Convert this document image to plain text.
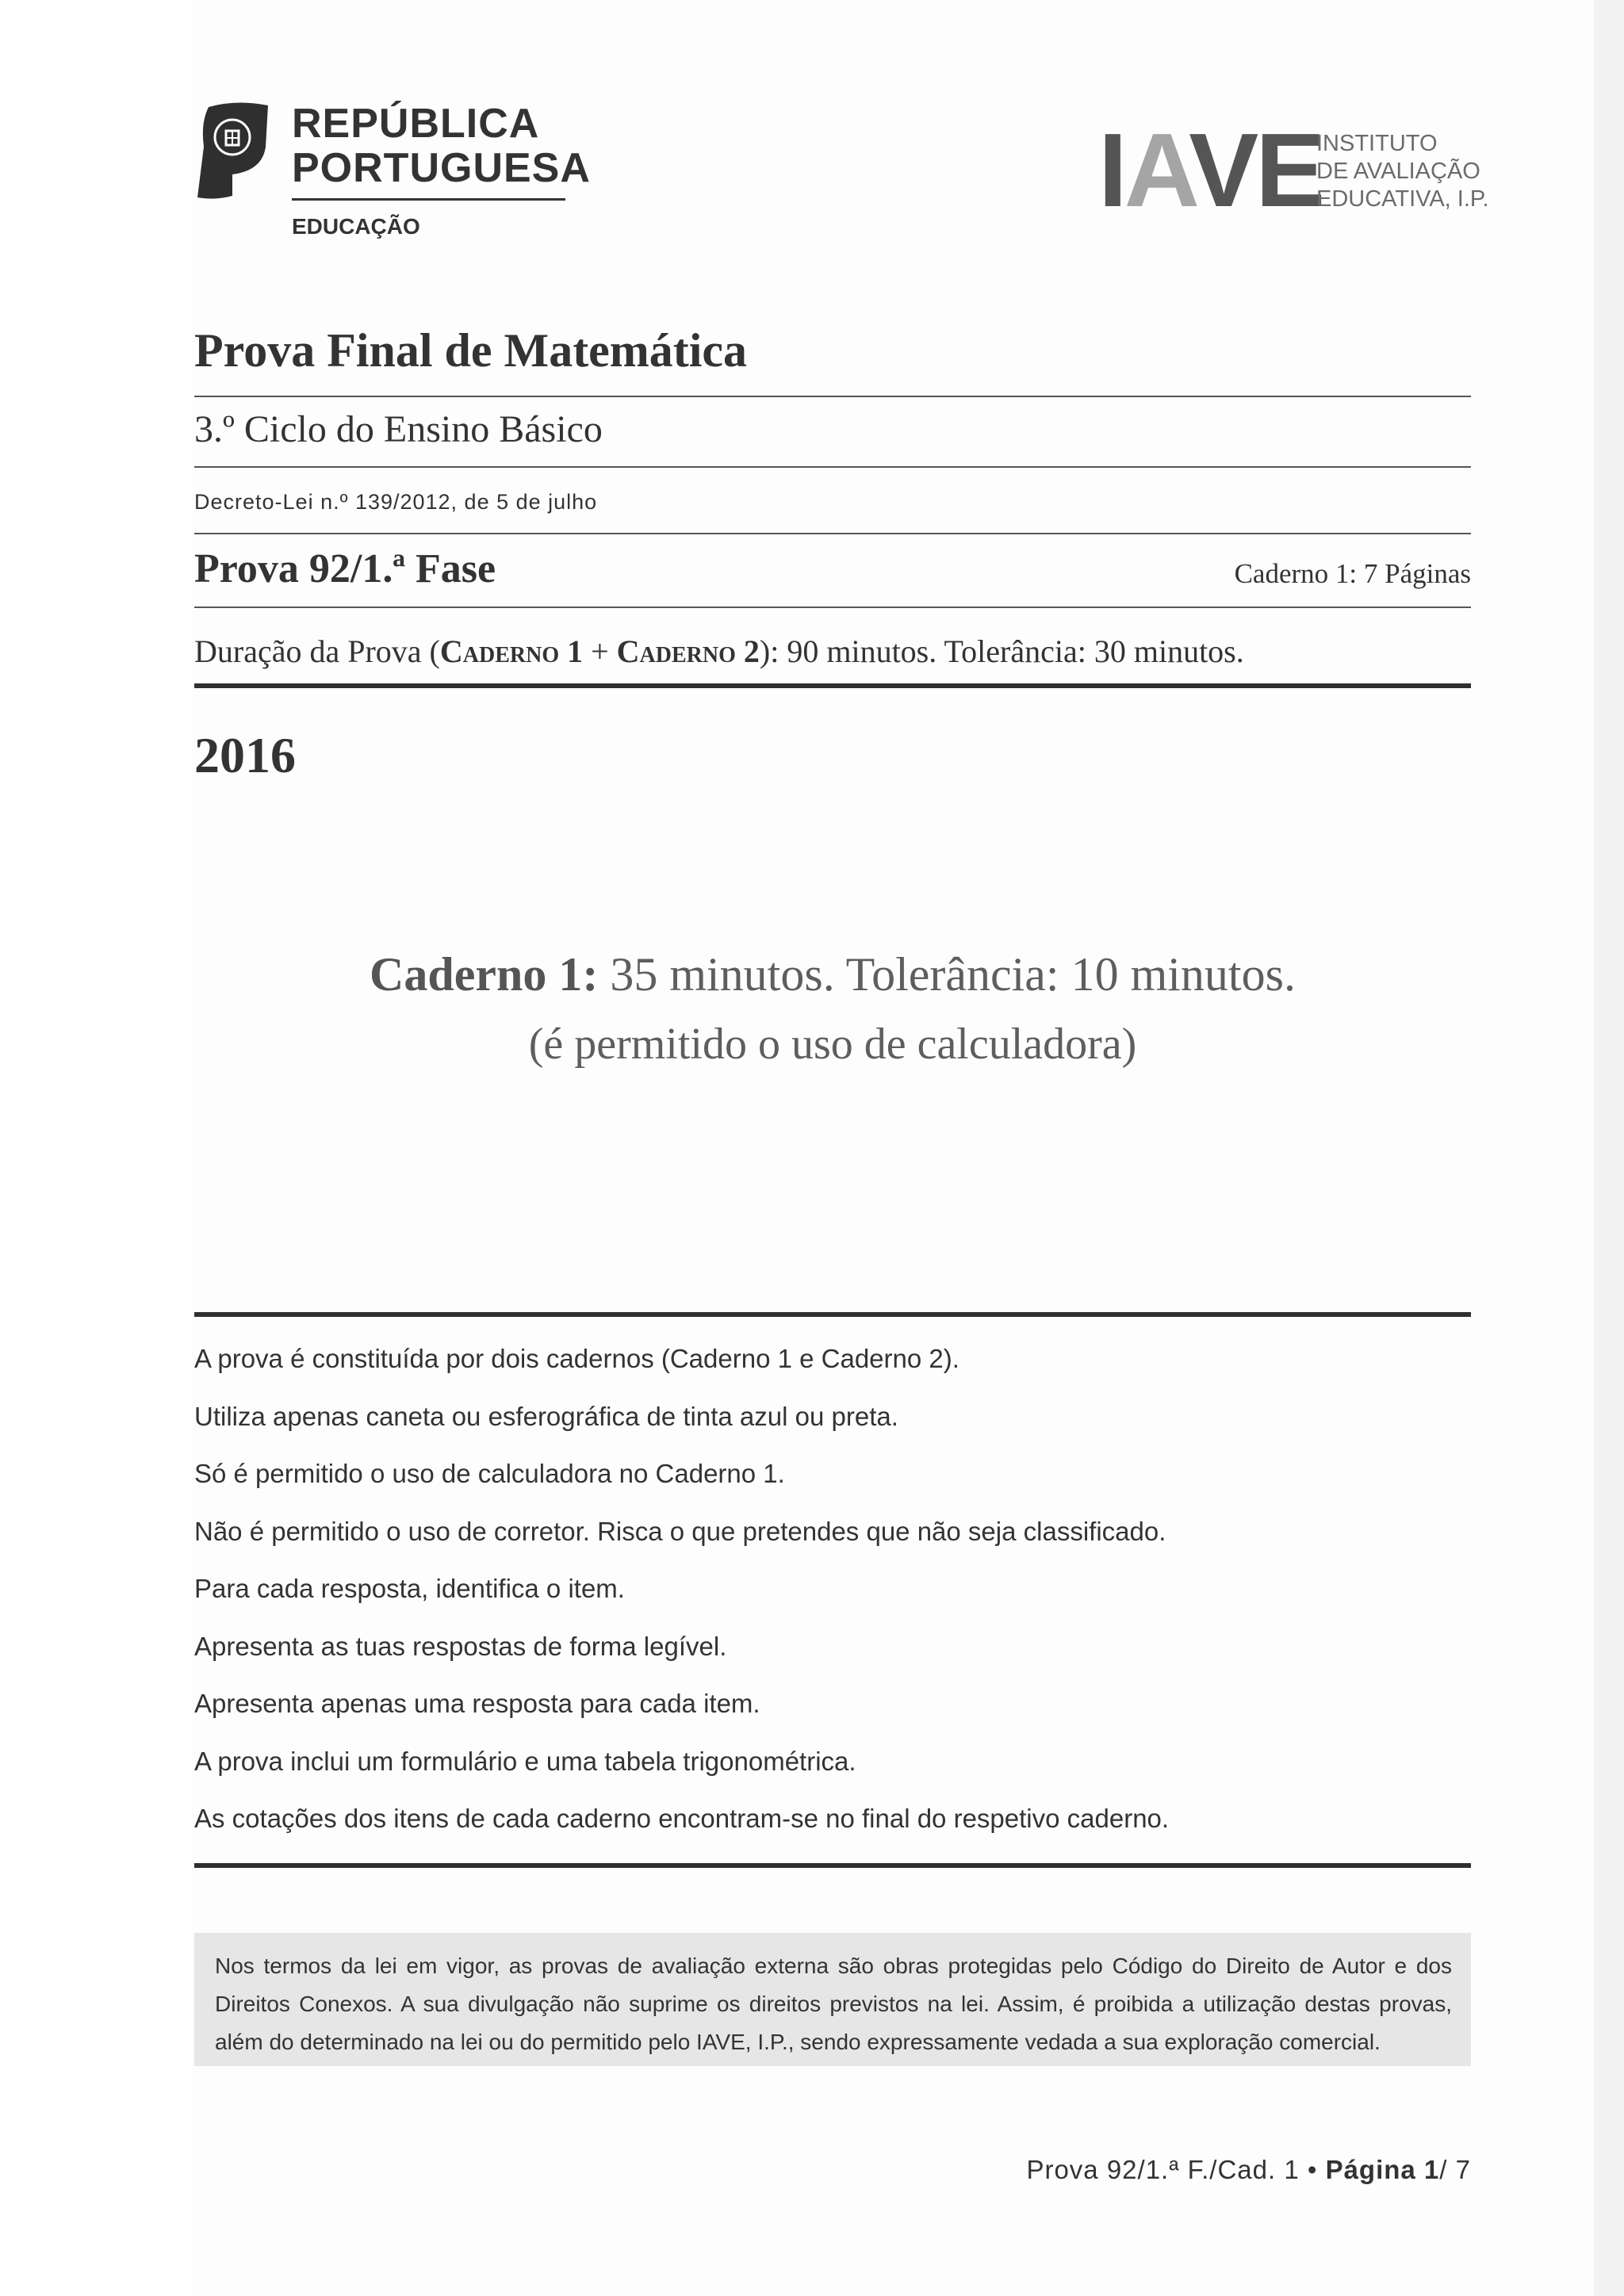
REPÚBLICA
PORTUGUESA
EDUCAÇÃO	IAVE
INSTITUTO
DE AVALIAÇÃO
EDUCATIVA, I.P.
Prova Final de Matemática
3.º Ciclo do Ensino Básico
Decreto-Lei n.º 139/2012, de 5 de julho
Prova 92/1.ª Fase	Caderno 1: 7 Páginas
Duração da Prova (Caderno 1 + Caderno 2): 90 minutos. Tolerância: 30 minutos.
2016
Caderno 1: 35 minutos. Tolerância: 10 minutos.
(é permitido o uso de calculadora)
A prova é constituída por dois cadernos (Caderno 1 e Caderno 2).
Utiliza apenas caneta ou esferográfica de tinta azul ou preta.
Só é permitido o uso de calculadora no Caderno 1.
Não é permitido o uso de corretor. Risca o que pretendes que não seja classificado.
Para cada resposta, identifica o item.
Apresenta as tuas respostas de forma legível.
Apresenta apenas uma resposta para cada item.
A prova inclui um formulário e uma tabela trigonométrica.
As cotações dos itens de cada caderno encontram-se no final do respetivo caderno.
Nos termos da lei em vigor, as provas de avaliação externa são obras protegidas pelo Código do Direito de Autor e dos Direitos Conexos. A sua divulgação não suprime os direitos previstos na lei. Assim, é proibida a utilização destas provas, além do determinado na lei ou do permitido pelo IAVE, I.P., sendo expressamente vedada a sua exploração comercial.
Prova 92/1.ª F./Cad. 1 • Página 1/ 7
